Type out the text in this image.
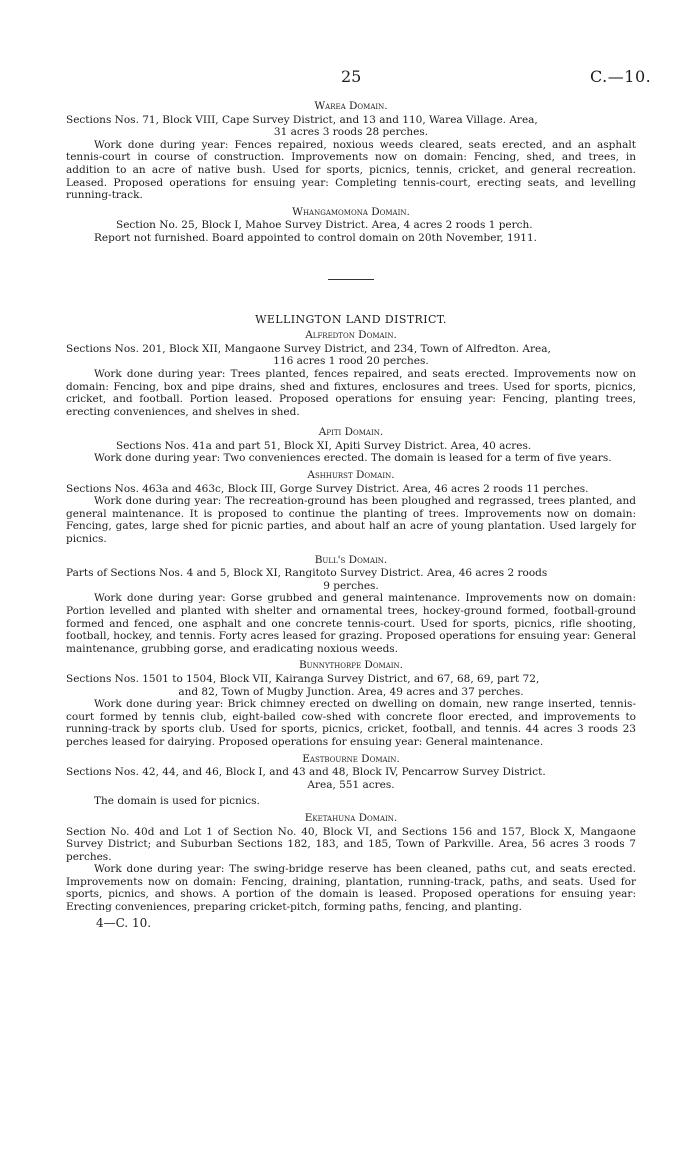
25	C.—10.

Warea Domain.

Sections Nos. 71, Block VIII, Cape Survey District, and 13 and 110, Warea Village. Area,

31 acres 3 roods 28 perches.

Work done during year: Fences repaired, noxious weeds cleared, seats erected, and an asphalt tennis-court in course of construction. Improvements now on domain: Fencing, shed, and trees, in addition to an acre of native bush. Used for sports, picnics, tennis, cricket, and general recreation. Leased. Proposed operations for ensuing year: Completing tennis-court, erecting seats, and levelling running-track.

Whangamomona Domain.

Section No. 25, Block I, Mahoe Survey District. Area, 4 acres 2 roods 1 perch.

Report not furnished. Board appointed to control domain on 20th November, 1911.

WELLINGTON LAND DISTRICT.

Alfredton Domain.

Sections Nos. 201, Block XII, Mangaone Survey District, and 234, Town of Alfredton. Area,

116 acres 1 rood 20 perches.

Work done during year: Trees planted, fences repaired, and seats erected. Improvements now on domain: Fencing, box and pipe drains, shed and fixtures, enclosures and trees. Used for sports, picnics, cricket, and football. Portion leased. Proposed operations for ensuing year: Fencing, planting trees, erecting conveniences, and shelves in shed.

Apiti Domain.

Sections Nos. 41a and part 51, Block XI, Apiti Survey District. Area, 40 acres.

Work done during year: Two conveniences erected. The domain is leased for a term of five years.

Ashhurst Domain.

Sections Nos. 463a and 463c, Block III, Gorge Survey District. Area, 46 acres 2 roods 11 perches.

Work done during year: The recreation-ground has been ploughed and regrassed, trees planted, and general maintenance. It is proposed to continue the planting of trees. Improvements now on domain: Fencing, gates, large shed for picnic parties, and about half an acre of young plantation. Used largely for picnics.

Bull's Domain.

Parts of Sections Nos. 4 and 5, Block XI, Rangitoto Survey District. Area, 46 acres 2 roods

9 perches.

Work done during year: Gorse grubbed and general maintenance. Improvements now on domain: Portion levelled and planted with shelter and ornamental trees, hockey-ground formed, football-ground formed and fenced, one asphalt and one concrete tennis-court. Used for sports, picnics, rifle shooting, football, hockey, and tennis. Forty acres leased for grazing. Proposed operations for ensuing year: General maintenance, grubbing gorse, and eradicating noxious weeds.

Bunnythorpe Domain.

Sections Nos. 1501 to 1504, Block VII, Kairanga Survey District, and 67, 68, 69, part 72,

and 82, Town of Mugby Junction. Area, 49 acres and 37 perches.

Work done during year: Brick chimney erected on dwelling on domain, new range inserted, tennis-court formed by tennis club, eight-bailed cow-shed with concrete floor erected, and improvements to running-track by sports club. Used for sports, picnics, cricket, football, and tennis. 44 acres 3 roods 23 perches leased for dairying. Proposed operations for ensuing year: General maintenance.

Eastbourne Domain.

Sections Nos. 42, 44, and 46, Block I, and 43 and 48, Block IV, Pencarrow Survey District.

Area, 551 acres.

The domain is used for picnics.

Eketahuna Domain.

Section No. 40d and Lot 1 of Section No. 40, Block VI, and Sections 156 and 157, Block X, Mangaone Survey District; and Suburban Sections 182, 183, and 185, Town of Parkville. Area, 56 acres 3 roods 7 perches.

Work done during year: The swing-bridge reserve has been cleaned, paths cut, and seats erected. Improvements now on domain: Fencing, draining, plantation, running-track, paths, and seats. Used for sports, picnics, and shows. A portion of the domain is leased. Proposed operations for ensuing year: Erecting conveniences, preparing cricket-pitch, forming paths, fencing, and planting.

4—C. 10.
